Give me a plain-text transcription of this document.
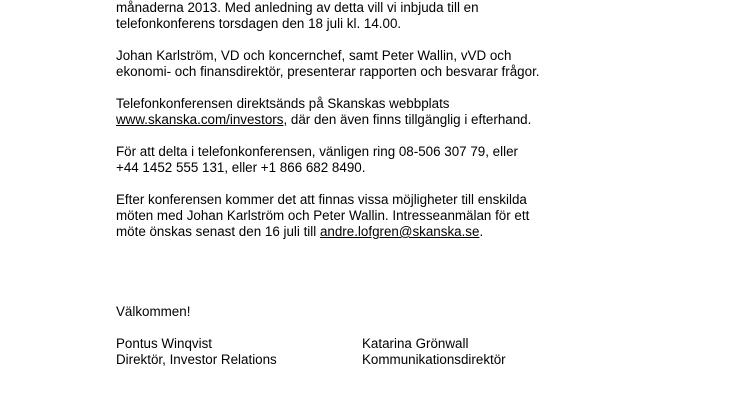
månaderna 2013. Med anledning av detta vill vi inbjuda till en
telefonkonferens torsdagen den 18 juli kl. 14.00.
Johan Karlström, VD och koncernchef, samt Peter Wallin, vVD och
ekonomi- och finansdirektör, presenterar rapporten och besvarar frågor.
Telefonkonferensen direktsänds på Skanskas webbplats
www.skanska.com/investors, där den även finns tillgänglig i efterhand.
För att delta i telefonkonferensen, vänligen ring 08-506 307 79, eller
+44 1452 555 131, eller +1 866 682 8490.
Efter konferensen kommer det att finnas vissa möjligheter till enskilda
möten med Johan Karlström och Peter Wallin. Intresseanmälan för ett
möte önskas senast den 16 juli till andre.lofgren@skanska.se.
Välkommen!
Pontus Winqvist
Direktör, Investor Relations
Katarina Grönwall
Kommunikationsdirektör
